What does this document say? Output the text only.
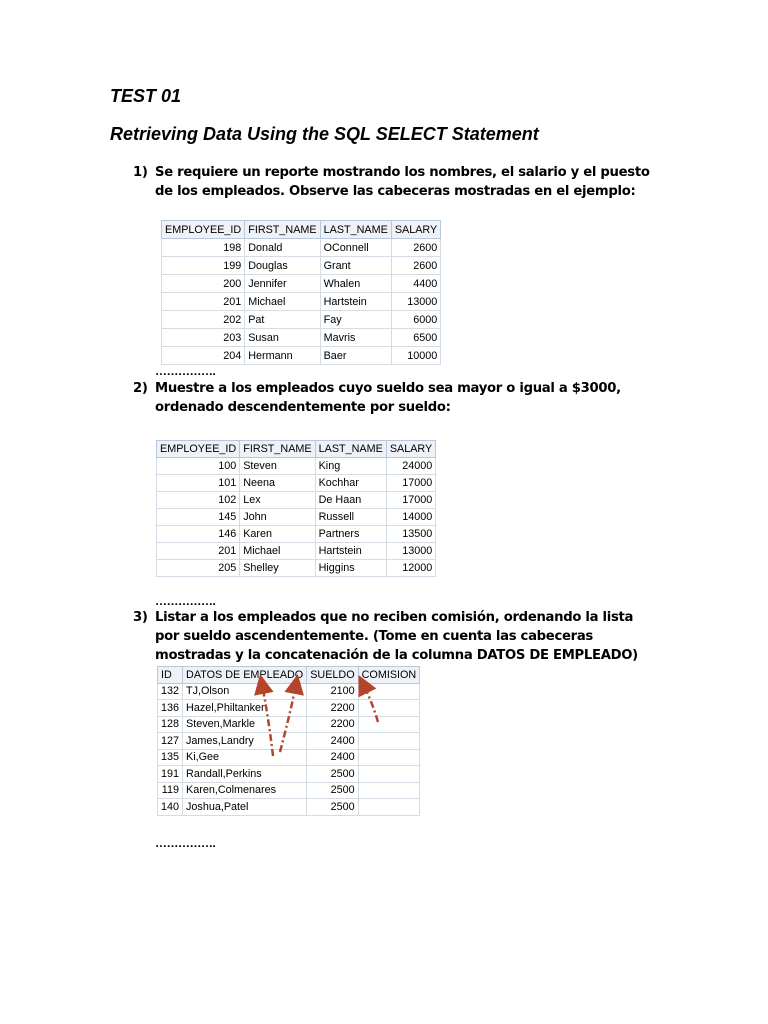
TEST 01
Retrieving Data Using the SQL SELECT Statement
1) Se requiere un reporte mostrando los nombres, el salario y el puesto de los empleados. Observe las cabeceras mostradas en el ejemplo:
EMPLOYEE_ID	FIRST_NAME	LAST_NAME	SALARY
198	Donald	OConnell	2600
199	Douglas	Grant	2600
200	Jennifer	Whalen	4400
201	Michael	Hartstein	13000
202	Pat	Fay	6000
203	Susan	Mavris	6500
204	Hermann	Baer	10000
…………….
2) Muestre a los empleados cuyo sueldo sea mayor o igual a $3000, ordenado descendentemente por sueldo:
EMPLOYEE_ID	FIRST_NAME	LAST_NAME	SALARY
100	Steven	King	24000
101	Neena	Kochhar	17000
102	Lex	De Haan	17000
145	John	Russell	14000
146	Karen	Partners	13500
201	Michael	Hartstein	13000
205	Shelley	Higgins	12000
…………….
3) Listar a los empleados que no reciben comisión, ordenando la lista por sueldo ascendentemente. (Tome en cuenta las cabeceras mostradas y la concatenación de la columna DATOS DE EMPLEADO)
ID	DATOS DE EMPLEADO	SUELDO	COMISION
132	TJ,Olson	2100	
136	Hazel,Philtanker	2200	
128	Steven,Markle	2200	
127	James,Landry	2400	
135	Ki,Gee	2400	
191	Randall,Perkins	2500	
119	Karen,Colmenares	2500	
140	Joshua,Patel	2500	
…………….
